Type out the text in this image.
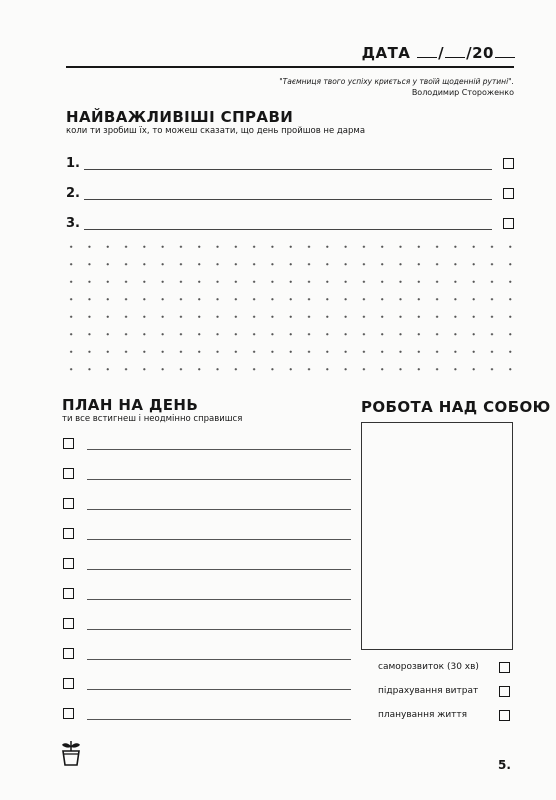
ДАТА / /20
"Таємниця твого успіху криється у твоїй щоденній рутині".
Володимир Стороженко
НАЙВАЖЛИВІШІ СПРАВИ
коли ти зробиш їх, то можеш сказати, що день пройшов не дарма
1.
2.
3.
ПЛАН НА ДЕНЬ
ти все встигнеш і неодмінно справишся
РОБОТА НАД СОБОЮ
саморозвиток (30 хв)
підрахування витрат
планування життя
5.
